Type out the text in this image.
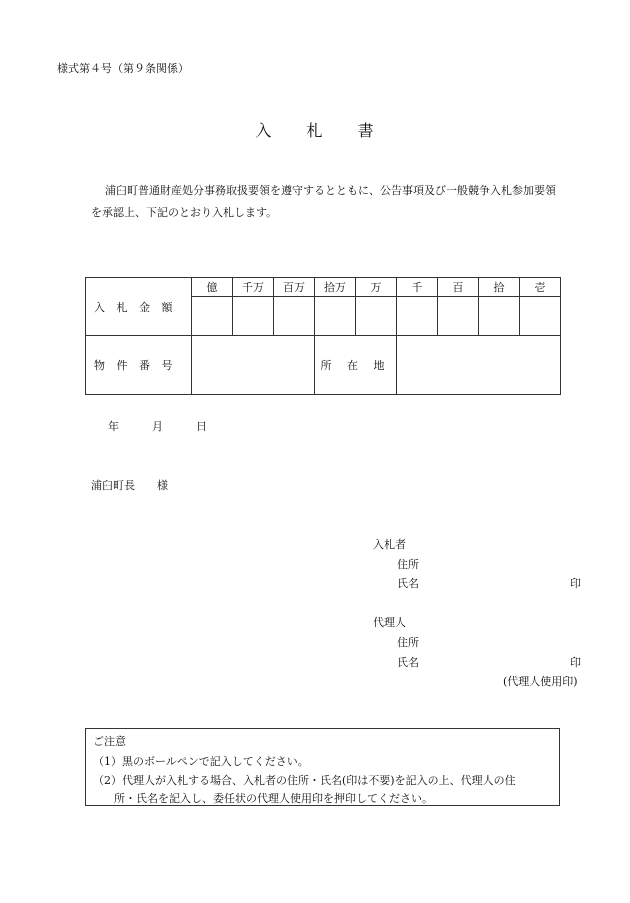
様式第４号（第９条関係）
入 札 書
浦臼町普通財産処分事務取扱要領を遵守するとともに、公告事項及び一般競争入札参加要領を承認上、下記のとおり入札します。
入 札 金 額	億	千万	百万	拾万	万	千	百	拾	壱

物 件 番 号				所 在 地					
年	月	日
浦臼町長　　様
入札者
住所
氏名	印
代理人
住所
氏名	印
(代理人使用印)
ご注意
（1）黒のボールペンで記入してください。
（2）代理人が入札する場合、入札者の住所・氏名(印は不要)を記入の上、代理人の住
所・氏名を記入し、委任状の代理人使用印を押印してください。
